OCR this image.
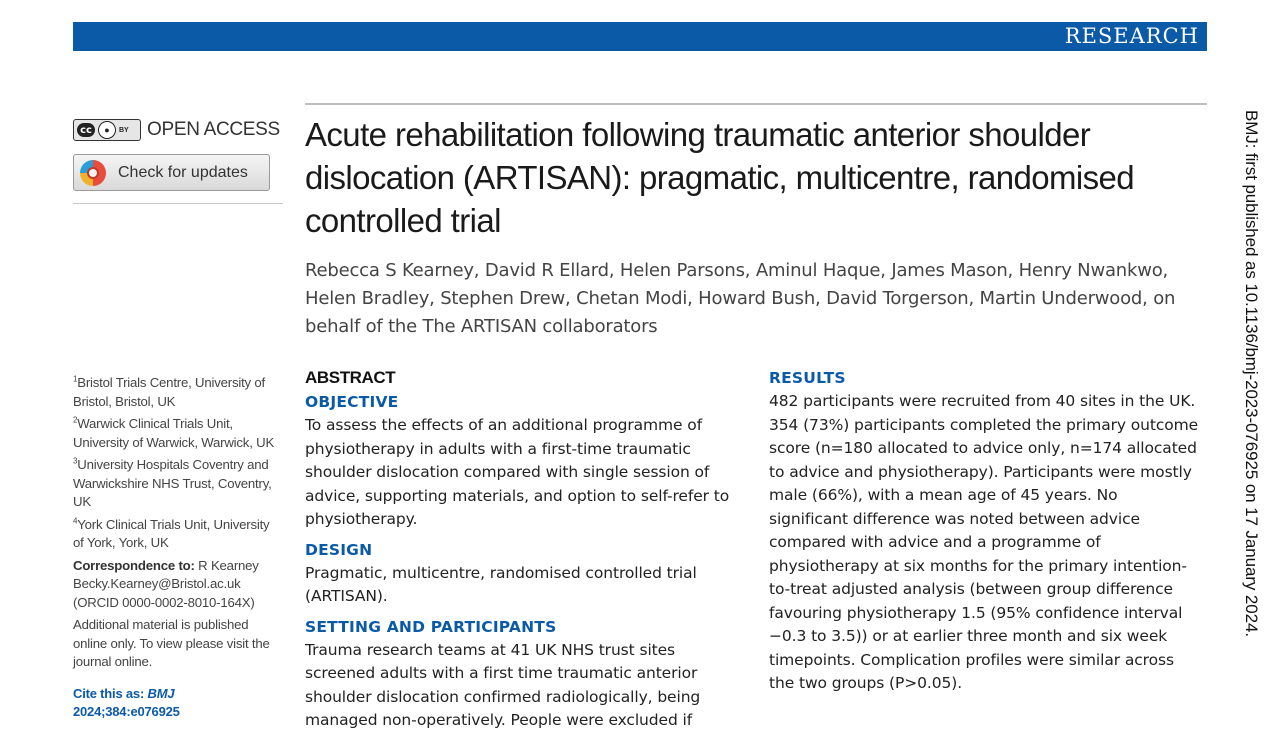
RESEARCH
cc	●	BY OPEN ACCESS
Check for updates
Acute rehabilitation following traumatic anterior shoulder dislocation (ARTISAN): pragmatic, multicentre, randomised controlled trial
Rebecca S Kearney, David R Ellard, Helen Parsons, Aminul Haque, James Mason, Henry Nwankwo, Helen Bradley, Stephen Drew, Chetan Modi, Howard Bush, David Torgerson, Martin Underwood, on behalf of the The ARTISAN collaborators

$^1$Bristol Trials Centre, University of Bristol, Bristol, UK

$^2$Warwick Clinical Trials Unit, University of Warwick, Warwick, UK

$^3$University Hospitals Coventry and Warwickshire NHS Trust, Coventry, UK

$^4$York Clinical Trials Unit, University of York, York, UK

Correspondence to: R Kearney
Becky.Kearney@Bristol.ac.uk
(ORCID 0000-0002-8010-164X)

Additional material is published online only. To view please visit the journal online.

Cite this as: BMJ 2024;384:e076925

ABSTRACT

OBJECTIVE

To assess the effects of an additional programme of physiotherapy in adults with a first-time traumatic shoulder dislocation compared with single session of advice, supporting materials, and option to self-refer to physiotherapy.

DESIGN

Pragmatic, multicentre, randomised controlled trial (ARTISAN).

SETTING AND PARTICIPANTS

Trauma research teams at 41 UK NHS trust sites screened adults with a first time traumatic anterior shoulder dislocation confirmed radiologically, being managed non-operatively. People were excluded if

RESULTS

482 participants were recruited from 40 sites in the UK. 354 (73%) participants completed the primary outcome score (n=180 allocated to advice only, n=174 allocated to advice and physiotherapy). Participants were mostly male (66%), with a mean age of 45 years. No significant difference was noted between advice compared with advice and a programme of physiotherapy at six months for the primary intention-to-treat adjusted analysis (between group difference favouring physiotherapy 1.5 (95% confidence interval −0.3 to 3.5)) or at earlier three month and six week timepoints. Complication profiles were similar across the two groups (P>0.05).

BMJ: first published as 10.1136/bmj-2023-076925 on 17 January 2024.
